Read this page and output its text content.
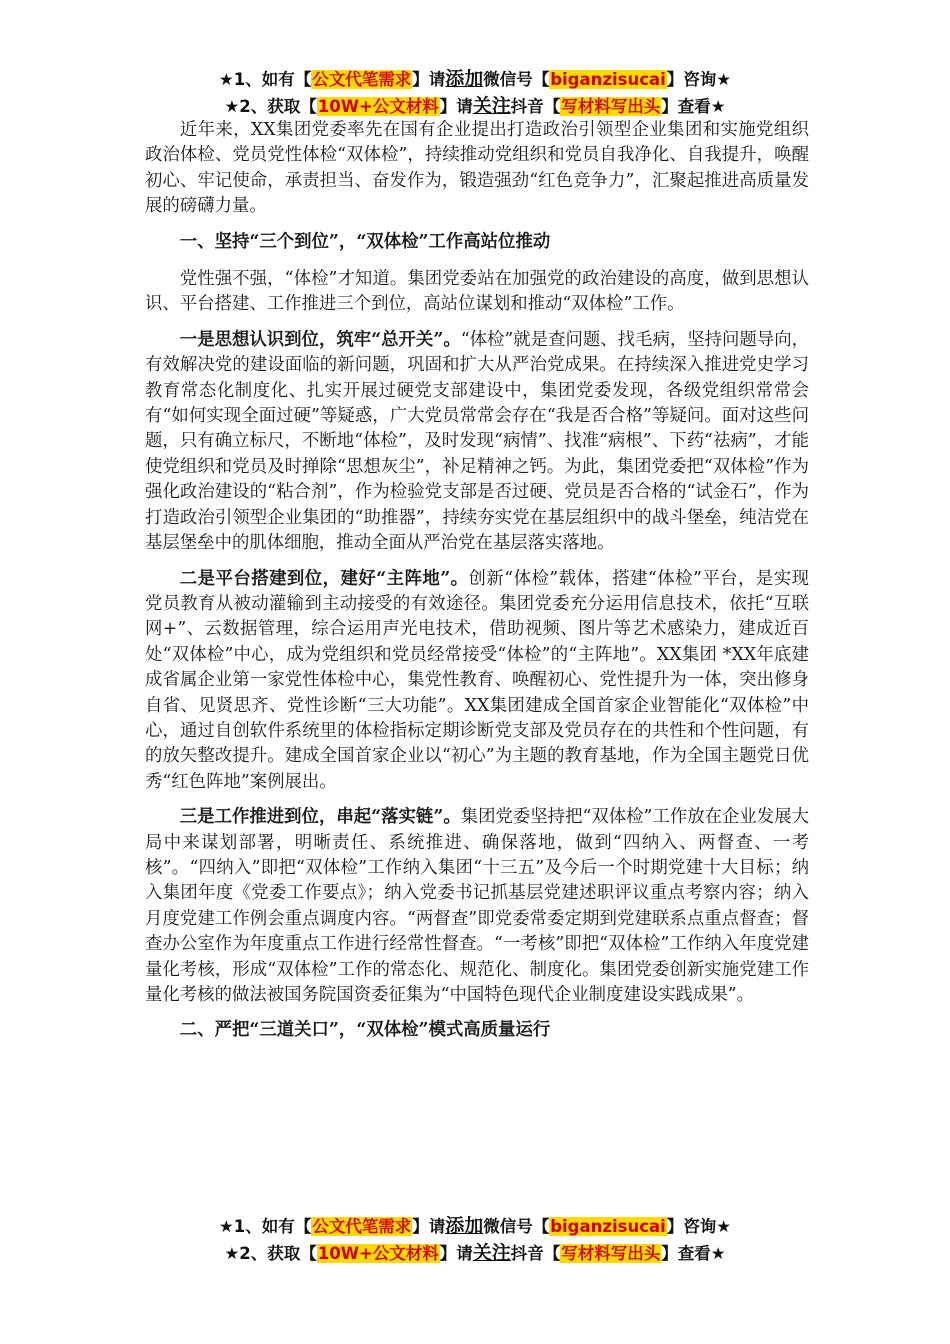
★1、如有【公文代笔需求】请添加微信号【biganzisucai】咨询★
★2、获取【10W+公文材料】请关注抖音【写材料写出头】查看★

近年来，XX集团党委率先在国有企业提出打造政治引领型企业集团和实施党组织政治体检、党员党性体检“双体检”，持续推动党组织和党员自我净化、自我提升，唤醒初心、牢记使命，承责担当、奋发作为，锻造强劲“红色竞争力”，汇聚起推进高质量发展的磅礴力量。

一、坚持“三个到位”，“双体检”工作高站位推动

党性强不强，“体检”才知道。集团党委站在加强党的政治建设的高度，做到思想认识、平台搭建、工作推进三个到位，高站位谋划和推动“双体检”工作。

一是思想认识到位，筑牢“总开关”。“体检”就是查问题、找毛病，坚持问题导向，有效解决党的建设面临的新问题，巩固和扩大从严治党成果。在持续深入推进党史学习教育常态化制度化、扎实开展过硬党支部建设中，集团党委发现，各级党组织常常会有“如何实现全面过硬”等疑惑，广大党员常常会存在“我是否合格”等疑问。面对这些问题，只有确立标尺，不断地“体检”，及时发现“病情”、找准“病根”、下药“祛病”，才能使党组织和党员及时掸除“思想灰尘”，补足精神之钙。为此，集团党委把“双体检”作为强化政治建设的“粘合剂”，作为检验党支部是否过硬、党员是否合格的“试金石”，作为打造政治引领型企业集团的“助推器”，持续夯实党在基层组织中的战斗堡垒，纯洁党在基层堡垒中的肌体细胞，推动全面从严治党在基层落实落地。

二是平台搭建到位，建好“主阵地”。创新“体检”载体，搭建“体检”平台，是实现党员教育从被动灌输到主动接受的有效途径。集团党委充分运用信息技术，依托“互联网+”、云数据管理，综合运用声光电技术，借助视频、图片等艺术感染力，建成近百处“双体检”中心，成为党组织和党员经常接受“体检”的“主阵地”。XX集团 *XX年底建成省属企业第一家党性体检中心，集党性教育、唤醒初心、党性提升为一体，突出修身自省、见贤思齐、党性诊断“三大功能”。XX集团建成全国首家企业智能化“双体检”中心，通过自创软件系统里的体检指标定期诊断党支部及党员存在的共性和个性问题，有的放矢整改提升。建成全国首家企业以“初心”为主题的教育基地，作为全国主题党日优秀“红色阵地”案例展出。

三是工作推进到位，串起“落实链”。集团党委坚持把“双体检”工作放在企业发展大局中来谋划部署，明晰责任、系统推进、确保落地，做到“四纳入、两督查、一考核”。“四纳入”即把“双体检”工作纳入集团“十三五”及今后一个时期党建十大目标；纳入集团年度《党委工作要点》；纳入党委书记抓基层党建述职评议重点考察内容；纳入月度党建工作例会重点调度内容。“两督查”即党委常委定期到党建联系点重点督查；督查办公室作为年度重点工作进行经常性督查。“一考核”即把“双体检”工作纳入年度党建量化考核，形成“双体检”工作的常态化、规范化、制度化。集团党委创新实施党建工作量化考核的做法被国务院国资委征集为“中国特色现代企业制度建设实践成果”。

二、严把“三道关口”，“双体检”模式高质量运行

★1、如有【公文代笔需求】请添加微信号【biganzisucai】咨询★
★2、获取【10W+公文材料】请关注抖音【写材料写出头】查看★
